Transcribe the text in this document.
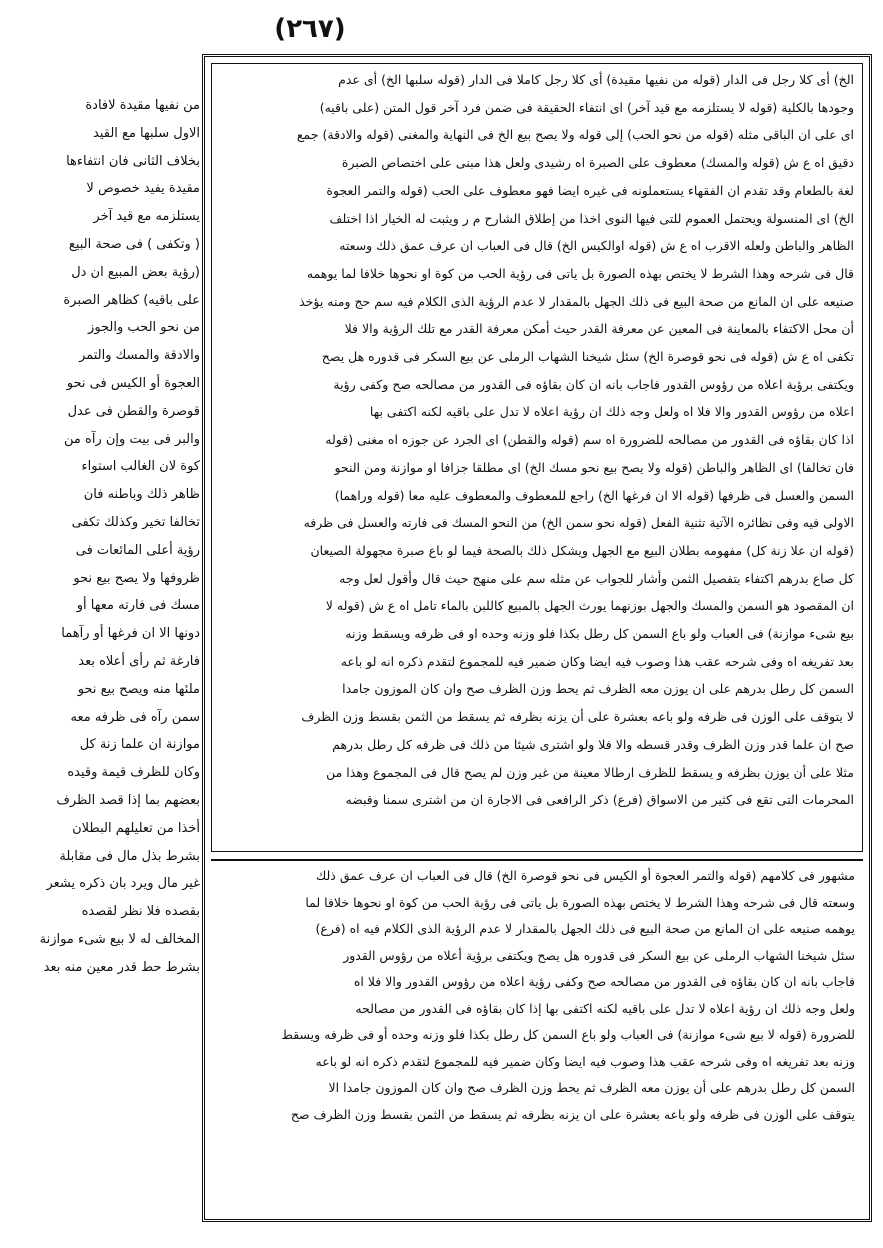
(٢٦٧)

الخ) أى كلا رجل فى الدار (قوله من نفيها مقيدة) أى كلا رجل كاملا فى الدار (قوله سلبها الخ) أى عدم

وجودها بالكلية (قوله لا يستلزمه مع قيد آخر) اى انتفاء الحقيقة فى ضمن فرد آخر قول المتن (على باقيه)

اى على ان الباقى مثله (قوله من نحو الحب) إلى قوله ولا يصح بيع الخ فى النهاية والمغنى (قوله والادقة) جمع

دقيق اه ع ش (قوله والمسك) معطوف على الصبرة اه رشيدى ولعل هذا مبنى على اختصاص الصبرة

لغة بالطعام وقد تقدم ان الفقهاء يستعملونه فى غيره ايضا فهو معطوف على الحب (قوله والتمر العجوة

الخ) اى المنسولة ويحتمل العموم للتى فيها النوى اخذا من إطلاق الشارح م ر ويثبت له الخيار اذا اختلف

الظاهر والباطن ولعله الاقرب اه ع ش (قوله اوالكيس الخ) قال فى العباب ان عرف عمق ذلك وسعته

قال فى شرحه وهذا الشرط لا يختص بهذه الصورة بل ياتى فى رؤية الحب من كوة او نحوها خلافا لما يوهمه

صنيعه على ان المانع من صحة البيع فى ذلك الجهل بالمقدار لا عدم الرؤية الذى الكلام فيه سم حج ومنه يؤخذ

أن محل الاكتفاء بالمعاينة فى المعين عن معرفة القدر حيث أمكن معرفة القدر مع تلك الرؤية والا فلا

تكفى اه ع ش (قوله فى نحو قوصرة الخ) سئل شيخنا الشهاب الرملى عن بيع السكر فى قدوره هل يصح

ويكتفى برؤية اعلاه من رؤوس القدور فاجاب بانه ان كان بقاؤه فى القدور من مصالحه صح وكفى رؤية

اعلاه من رؤوس القدور والا فلا اه ولعل وجه ذلك ان رؤية اعلاه لا تدل على باقيه لكنه اكتفى بها

اذا كان بقاؤه فى القدور من مصالحه للضرورة اه سم (قوله والقطن) اى الجرد عن جوزه اه مغنى (قوله

فان تخالفا) اى الظاهر والباطن (قوله ولا يصح بيع نحو مسك الخ) اى مطلقا جزافا او موازنة ومن النحو

السمن والعسل فى ظرفها (قوله الا ان فرغها الخ) راجع للمعطوف والمعطوف عليه معا (قوله وراهما)

الاولى فيه وفى نظائره الآتية تثنية الفعل (قوله نحو سمن الخ) من النحو المسك فى فارته والعسل فى ظرفه

(قوله ان علا زنة كل) مفهومه بطلان البيع مع الجهل ويشكل ذلك بالصحة فيما لو باع صبرة مجهولة الصيعان

كل صاع بدرهم اكتفاء بتفصيل الثمن وأشار للجواب عن مثله سم على منهج حيث قال وأقول لعل وجه

ان المقصود هو السمن والمسك والجهل بوزنهما يورث الجهل بالمبيع كاللبن بالماء تامل اه ع ش (قوله لا

بيع شىء موازنة) فى العباب ولو باع السمن كل رطل بكذا فلو وزنه وحده او فى ظرفه ويسقط وزنه

بعد تفريغه اه وفى شرحه عقب هذا وصوب فيه ايضا وكان ضمير فيه للمجموع لتقدم ذكره انه لو باعه

السمن كل رطل بدرهم على ان يوزن معه الظرف ثم يحط وزن الظرف صح وان كان الموزون جامدا

لا يتوقف على الوزن فى ظرفه ولو باعه بعشرة على أن يزنه بظرفه ثم يسقط من الثمن بقسط وزن الظرف

صح ان علما قدر وزن الظرف وقدر قسطه والا فلا ولو اشترى شيئا من ذلك فى ظرفه كل رطل بدرهم

مثلا على أن يوزن بظرفه و يسقط للظرف ارطالا معينة من غير وزن لم يصح قال فى المجموع وهذا من

المحرمات التى تقع فى كثير من الاسواق (فرع) ذكر الرافعى فى الاجارة ان من اشترى سمنا وقبضه

مشهور فى كلامهم (قوله والتمر العجوة أو الكيس فى نحو قوصرة الخ) قال فى العباب ان عرف عمق ذلك

وسعته قال فى شرحه وهذا الشرط لا يختص بهذه الصورة بل ياتى فى رؤية الحب من كوة او نحوها خلافا لما

يوهمه صنيعه على ان المانع من صحة البيع فى ذلك الجهل بالمقدار لا عدم الرؤية الذى الكلام فيه اه (فرع)

سئل شيخنا الشهاب الرملى عن بيع السكر فى قدوره هل يصح ويكتفى برؤية أعلاه من رؤوس القدور

فاجاب بانه ان كان بقاؤه فى القدور من مصالحه صح وكفى رؤية اعلاه من رؤوس القدور والا فلا اه

ولعل وجه ذلك ان رؤية اعلاه لا تدل على باقيه لكنه اكتفى بها إذا كان بقاؤه فى القدور من مصالحه

للضرورة (قوله لا بيع شىء موازنة) فى العباب ولو باع السمن كل رطل بكذا فلو وزنه وحده أو فى ظرفه ويسقط

وزنه بعد تفريغه اه وفى شرحه عقب هذا وصوب فيه ايضا وكان ضمير فيه للمجموع لتقدم ذكره انه لو باعه

السمن كل رطل بدرهم على أن يوزن معه الظرف ثم يحط وزن الظرف صح وان كان الموزون جامدا الا

يتوقف على الوزن فى ظرفه ولو باعه بعشرة على ان يزنه بظرفه ثم يسقط من الثمن بقسط وزن الظرف صح

من نفيها مقيدة لافادة

الاول سلبها مع القيد

بخلاف الثانى فان انتفاءها

مقيدة يفيد خصوص لا

يستلزمه مع قيد آخر

( وتكفى ) فى صحة البيع

(رؤية بعض المبيع ان دل

على باقيه) كظاهر الصبرة

من نحو الحب والجوز

والادقة والمسك والتمر

العجوة أو الكيس فى نحو

قوصرة والقطن فى عدل

والبر فى بيت وإن رآه من

كوة لان الغالب استواء

ظاهر ذلك وباطنه فان

تخالفا تخير وكذلك تكفى

رؤية أعلى المائعات فى

ظروفها ولا يصح بيع نحو

مسك فى فارته معها أو

دونها الا ان فرغها أو رآهما

فارغة ثم رأى أعلاه بعد

ملئها منه ويصح بيع نحو

سمن رآه فى ظرفه معه

موازنة ان علما زنة كل

وكان للظرف قيمة وقيده

بعضهم بما إذا قصد الظرف

أخذا من تعليلهم البطلان

بشرط بذل مال فى مقابلة

غير مال ويرد بان ذكره يشعر

بقصده فلا نظر لقصده

المخالف له لا بيع شىء موازنة

بشرط حط قدر معين منه بعد
